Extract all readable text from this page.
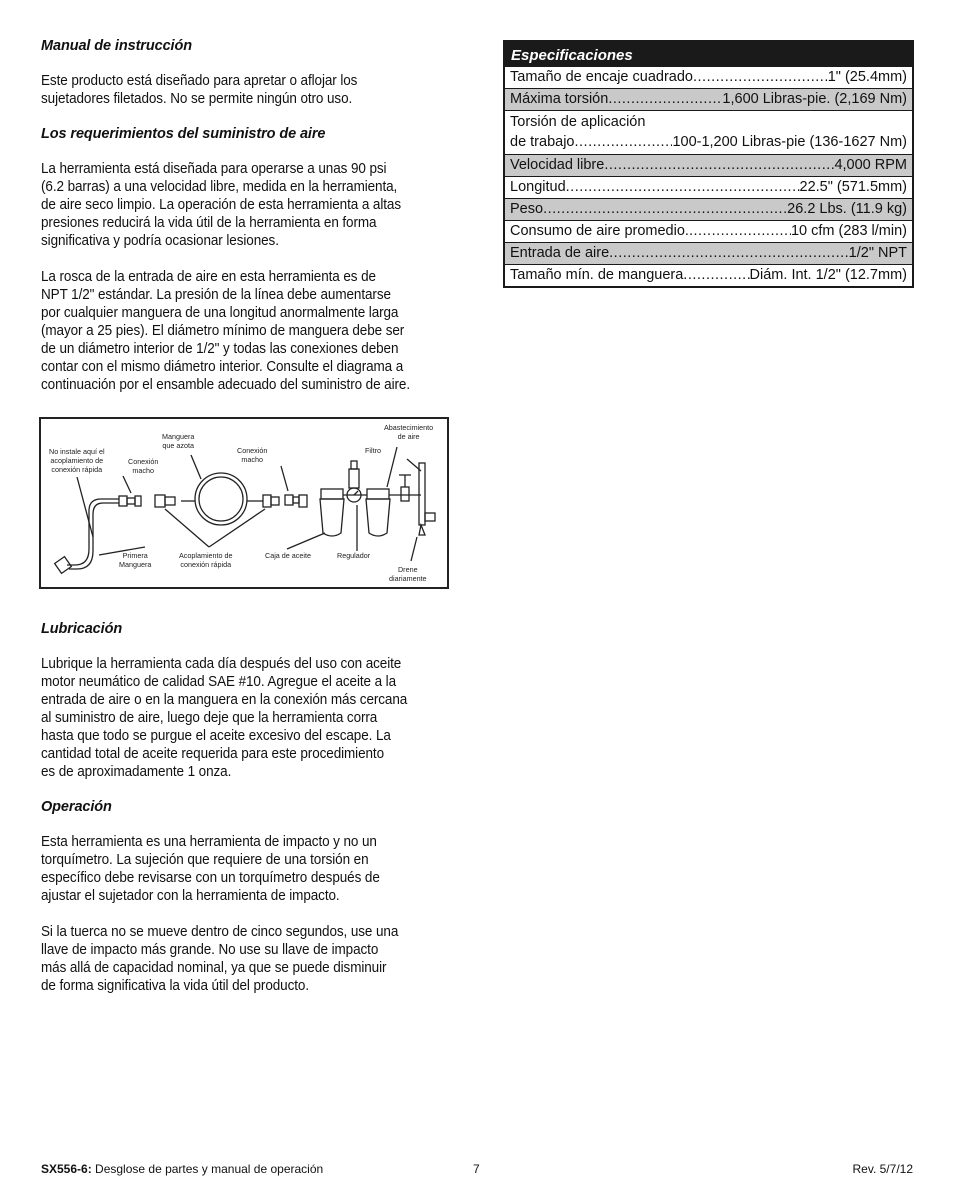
Manual de instrucción

Este producto está diseñado para apretar o aflojar los
sujetadores filetados. No se permite ningún otro uso.

Los requerimientos del suministro de aire

La herramienta está diseñada para operarse a unas 90 psi
(6.2 barras) a una velocidad libre, medida en la herramienta,
de aire seco limpio. La operación de esta herramienta a altas
presiones reducirá la vida útil de la herramienta en forma
significativa y podría ocasionar lesiones.

La rosca de la entrada de aire en esta herramienta es de
NPT 1/2" estándar. La presión de la línea debe aumentarse
por cualquier manguera de una longitud anormalmente larga
(mayor a 25 pies). El diámetro mínimo de manguera debe ser
de un diámetro interior de 1/2" y todas las conexiones deben
contar con el mismo diámetro interior. Consulte el diagrama a
continuación por el ensamble adecuado del suministro de aire.

No instale aquí el
acoplamiento de
conexión rápida
Conexión
macho
Manguera
que azota
Conexión
macho
Filtro
Abastecimiento
de aire
Primera
Manguera
Acoplamiento de
conexión rápida
Caja de aceite	Regulador
Drene
diariamente

Lubricación

Lubrique la herramienta cada día después del uso con aceite
motor neumático de calidad SAE #10. Agregue el aceite a la
entrada de aire o en la manguera en la conexión más cercana
al suministro de aire, luego deje que la herramienta corra
hasta que todo se purgue el aceite excesivo del escape. La
cantidad total de aceite requerida para este procedimiento
es de aproximadamente 1 onza.

Operación

Esta herramienta es una herramienta de impacto y no un
torquímetro. La sujeción que requiere de una torsión en
específico debe revisarse con un torquímetro después de
ajustar el sujetador con la herramienta de impacto.

Si la tuerca no se mueve dentro de cinco segundos, use una
llave de impacto más grande. No use su llave de impacto
más allá de capacidad nominal, ya que se puede disminuir
de forma significativa la vida útil del producto.

Especificaciones
Tamaño de encaje cuadrado .....	1" (25.4mm)
Máxima torsión .....	1,600 Libras-pie. (2,169 Nm)
Torsión de aplicación
de trabajo .....	100-1,200 Libras-pie (136-1627 Nm)
Velocidad libre .....	4,000 RPM
Longitud .....	22.5" (571.5mm)
Peso .....	26.2 Lbs. (11.9 kg)
Consumo de aire promedio. .....	10 cfm (283 l/min)
Entrada de aire .....	1/2" NPT
Tamaño mín. de manguera .....	Diám. Int. 1/2" (12.7mm)
SX556-6: Desglose de partes y manual de operación	7	Rev. 5/7/12
